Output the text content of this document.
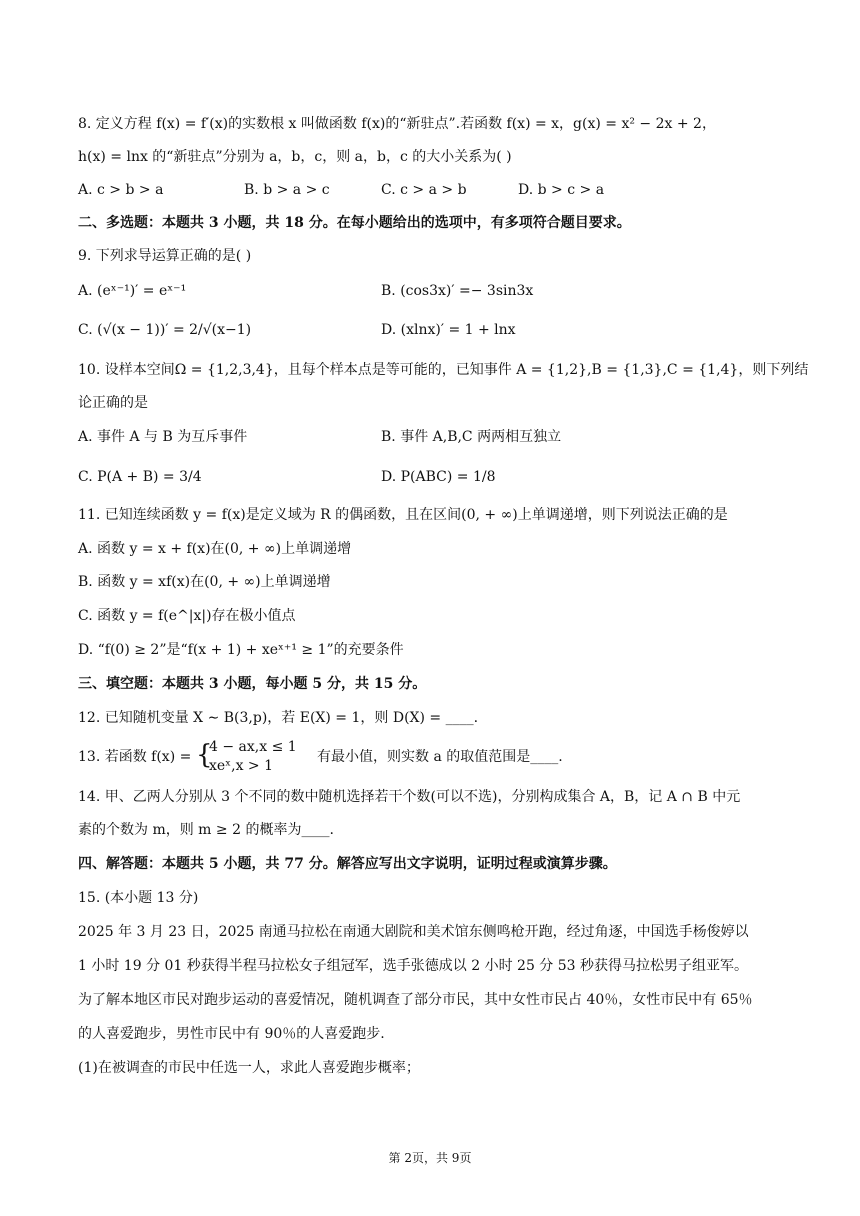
8. 定义方程 f(x) = f′(x)的实数根 x 叫做函数 f(x)的“新驻点”.若函数 f(x) = x，g(x) = x² − 2x + 2，
h(x) = lnx 的“新驻点”分别为 a，b，c，则 a，b，c 的大小关系为( )
A. c > b > a	B. b > a > c	C. c > a > b	D. b > c > a
二、多选题：本题共 3 小题，共 18 分。在每小题给出的选项中，有多项符合题目要求。
9. 下列求导运算正确的是( )
A. (eˣ⁻¹)′ = eˣ⁻¹	B. (cos3x)′ =− 3sin3x
C. (√(x − 1))′ = 2/√(x−1)	D. (xlnx)′ = 1 + lnx
10. 设样本空间Ω = {1,2,3,4}，且每个样本点是等可能的，已知事件 A = {1,2},B = {1,3},C = {1,4}，则下列结
论正确的是
A. 事件 A 与 B 为互斥事件	B. 事件 A,B,C 两两相互独立
C. P(A + B) = 3/4	D. P(ABC) = 1/8
11. 已知连续函数 y = f(x)是定义域为 R 的偶函数，且在区间(0, + ∞)上单调递增，则下列说法正确的是
A. 函数 y = x + f(x)在(0, + ∞)上单调递增
B. 函数 y = xf(x)在(0, + ∞)上单调递增
C. 函数 y = f(e^|x|)存在极小值点
D. “f(0) ≥ 2”是“f(x + 1) + xeˣ⁺¹ ≥ 1”的充要条件
三、填空题：本题共 3 小题，每小题 5 分，共 15 分。
12. 已知随机变量 X ∼ B(3,p)，若 E(X) = 1，则 D(X) = ____.
13. 若函数 f(x) = {
4 − ax,x ≤ 1
xeˣ,x > 1
有最小值，则实数 a 的取值范围是____.
14. 甲、乙两人分别从 3 个不同的数中随机选择若干个数(可以不选)，分别构成集合 A，B，记 A ∩ B 中元
素的个数为 m，则 m ≥ 2 的概率为____.
四、解答题：本题共 5 小题，共 77 分。解答应写出文字说明，证明过程或演算步骤。
15. (本小题 13 分)
2025 年 3 月 23 日，2025 南通马拉松在南通大剧院和美术馆东侧鸣枪开跑，经过角逐，中国选手杨俊婷以
1 小时 19 分 01 秒获得半程马拉松女子组冠军，选手张德成以 2 小时 25 分 53 秒获得马拉松男子组亚军。
为了解本地区市民对跑步运动的喜爱情况，随机调查了部分市民，其中女性市民占 40％，女性市民中有 65％
的人喜爱跑步，男性市民中有 90％的人喜爱跑步.
(1)在被调查的市民中任选一人，求此人喜爱跑步概率；
第 2页，共 9页
